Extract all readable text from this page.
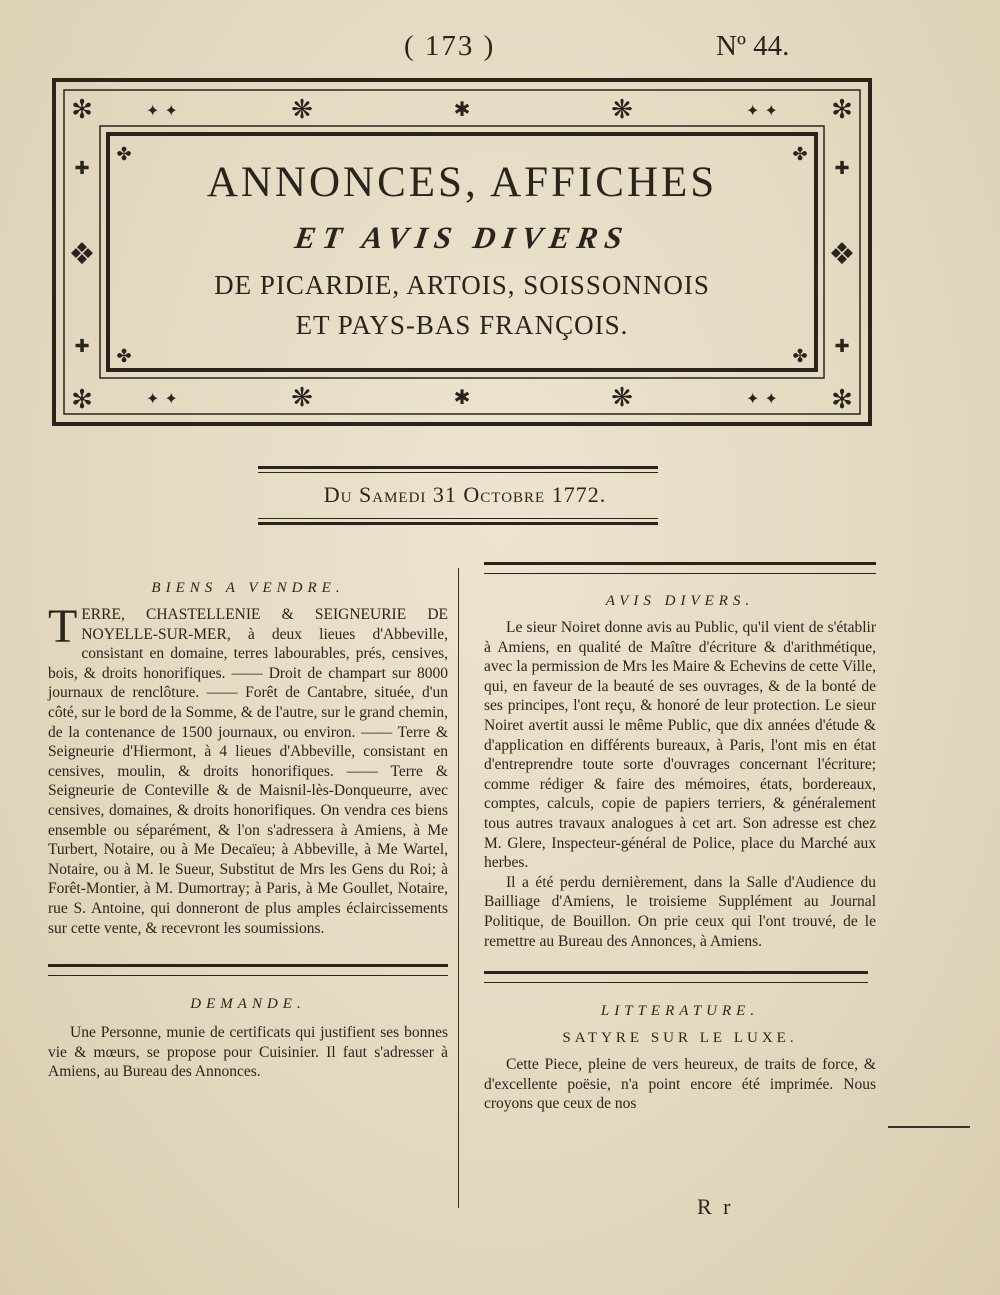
( 173 )	Nº 44.
✻	✻
✻	✻
❋	❋
❋	❋
✱
✱
✦ ✦	✦ ✦
✦ ✦	✦ ✦
❖	❖
✚	✚
✚	✚
✤	✤
✤	✤
ANNONCES, AFFICHES
ET AVIS DIVERS
DE PICARDIE, ARTOIS, SOISSONNOIS
ET PAYS-BAS FRANÇOIS.
Du Samedi 31 Octobre 1772.
BIENS A VENDRE.
TERRE, CHASTELLENIE & SEIGNEURIE DE NOYELLE-SUR-MER, à deux lieues d'Abbeville, consistant en domaine, terres labourables, prés, censives, bois, & droits honorifiques. —— Droit de champart sur 8000 journaux de renclôture. —— Forêt de Cantabre, située, d'un côté, sur le bord de la Somme, & de l'autre, sur le grand chemin, de la contenance de 1500 journaux, ou environ. —— Terre & Seigneurie d'Hiermont, à 4 lieues d'Abbeville, consistant en censives, moulin, & droits honorifiques. —— Terre & Seigneurie de Conteville & de Maisnil-lès-Donqueurre, avec censives, domaines, & droits honorifiques. On vendra ces biens ensemble ou séparément, & l'on s'adressera à Amiens, à Me Turbert, Notaire, ou à Me Decaïeu; à Abbeville, à Me Wartel, Notaire, ou à M. le Sueur, Substitut de Mrs les Gens du Roi; à Forêt-Montier, à M. Dumortray; à Paris, à Me Goullet, Notaire, rue S. Antoine, qui donneront de plus amples éclaircissements sur cette vente, & recevront les soumissions.
DEMANDE.

Une Personne, munie de certificats qui justifient ses bonnes vie & mœurs, se propose pour Cuisinier. Il faut s'adresser à Amiens, au Bureau des Annonces.

AVIS DIVERS.

Le sieur Noiret donne avis au Public, qu'il vient de s'établir à Amiens, en qualité de Maître d'écriture & d'arithmétique, avec la permission de Mrs les Maire & Echevins de cette Ville, qui, en faveur de la beauté de ses ouvrages, & de la bonté de ses principes, l'ont reçu, & honoré de leur protection. Le sieur Noiret avertit aussi le même Public, que dix années d'étude & d'application en différents bureaux, à Paris, l'ont mis en état d'entreprendre toute sorte d'ouvrages concernant l'écriture; comme rédiger & faire des mémoires, états, bordereaux, comptes, calculs, copie de papiers terriers, & généralement tous autres travaux analogues à cet art. Son adresse est chez M. Glere, Inspecteur-général de Police, place du Marché aux herbes.

Il a été perdu dernièrement, dans la Salle d'Audience du Bailliage d'Amiens, le troisieme Supplément au Journal Politique, de Bouillon. On prie ceux qui l'ont trouvé, de le remettre au Bureau des Annonces, à Amiens.

LITTERATURE.
SATYRE SUR LE LUXE.

Cette Piece, pleine de vers heureux, de traits de force, & d'excellente poësie, n'a point encore été imprimée. Nous croyons que ceux de nos

R r
